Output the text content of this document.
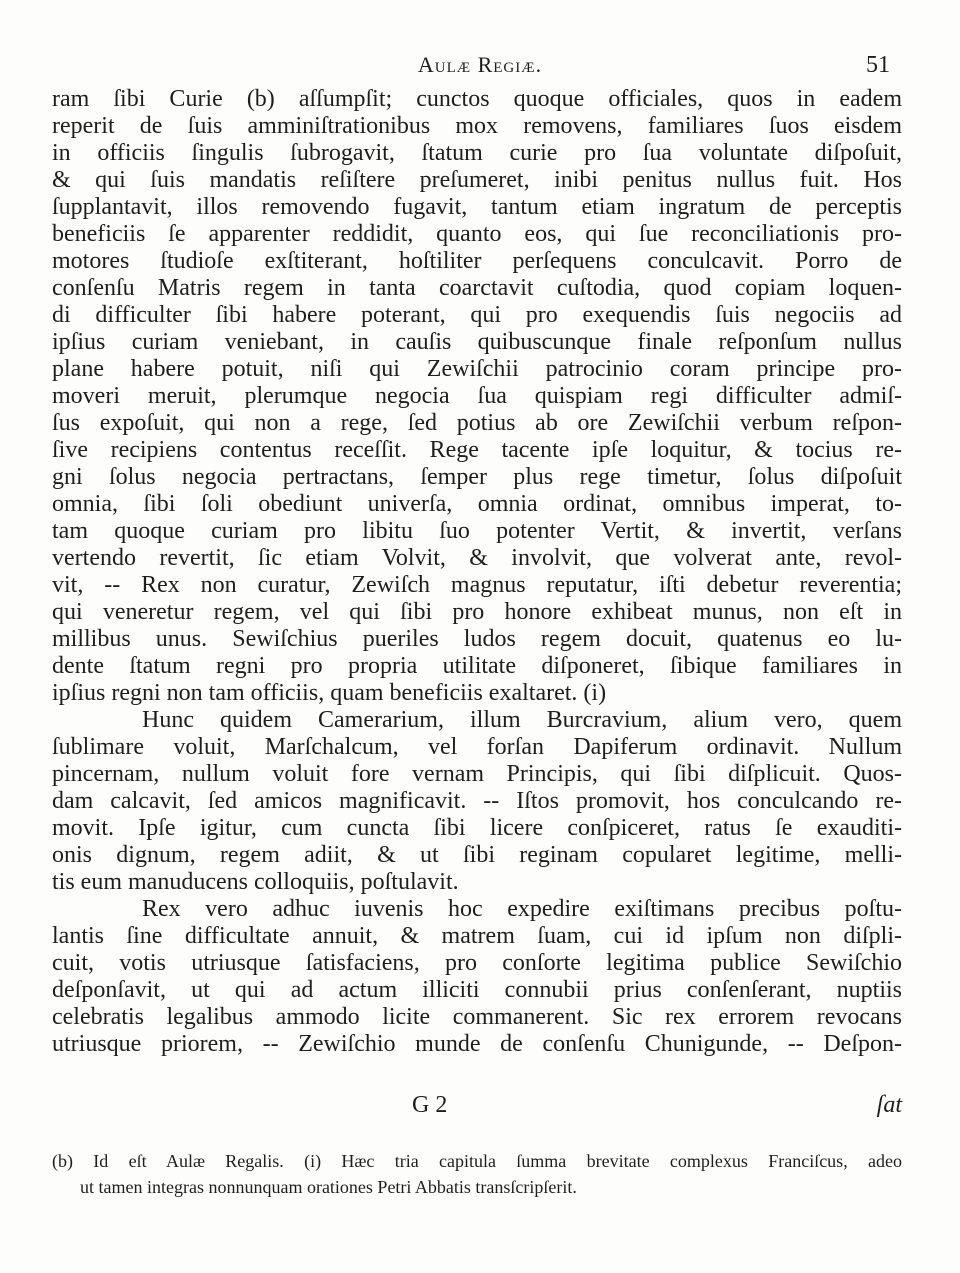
Aulæ Regiæ.	51
ram ſibi Curie (b) aſſumpſit; cunctos quoque officiales, quos in eadem
reperit de ſuis amminiſtrationibus mox removens, familiares ſuos eisdem
in officiis ſingulis ſubrogavit, ſtatum curie pro ſua voluntate diſpoſuit,
& qui ſuis mandatis reſiſtere preſumeret, inibi penitus nullus fuit. Hos
ſupplantavit, illos removendo fugavit, tantum etiam ingratum de perceptis
beneficiis ſe apparenter reddidit, quanto eos, qui ſue reconciliationis pro-
motores ſtudioſe exſtiterant, hoſtiliter perſequens conculcavit. Porro de
conſenſu Matris regem in tanta coarctavit cuſtodia, quod copiam loquen-
di difficulter ſibi habere poterant, qui pro exequendis ſuis negociis ad
ipſius curiam veniebant, in cauſis quibuscunque finale reſponſum nullus
plane habere potuit, niſi qui Zewiſchii patrocinio coram principe pro-
moveri meruit, plerumque negocia ſua quispiam regi difficulter admiſ-
ſus expoſuit, qui non a rege, ſed potius ab ore Zewiſchii verbum reſpon-
ſive recipiens contentus receſſit. Rege tacente ipſe loquitur, & tocius re-
gni ſolus negocia pertractans, ſemper plus rege timetur, ſolus diſpoſuit
omnia, ſibi ſoli obediunt univerſa, omnia ordinat, omnibus imperat, to-
tam quoque curiam pro libitu ſuo potenter Vertit, & invertit, verſans
vertendo revertit, ſic etiam Volvit, & involvit, que volverat ante, revol-
vit, -- Rex non curatur, Zewiſch magnus reputatur, iſti debetur reverentia;
qui veneretur regem, vel qui ſibi pro honore exhibeat munus, non eſt in
millibus unus. Sewiſchius pueriles ludos regem docuit, quatenus eo lu-
dente ſtatum regni pro propria utilitate diſponeret, ſibique familiares in
ipſius regni non tam officiis, quam beneficiis exaltaret. (i)
Hunc quidem Camerarium, illum Burcravium, alium vero, quem
ſublimare voluit, Marſchalcum, vel forſan Dapiferum ordinavit. Nullum
pincernam, nullum voluit fore vernam Principis, qui ſibi diſplicuit. Quos-
dam calcavit, ſed amicos magnificavit. -- Iſtos promovit, hos conculcando re-
movit. Ipſe igitur, cum cuncta ſibi licere conſpiceret, ratus ſe exauditi-
onis dignum, regem adiit, & ut ſibi reginam copularet legitime, melli-
tis eum manuducens colloquiis, poſtulavit.
Rex vero adhuc iuvenis hoc expedire exiſtimans precibus poſtu-
lantis ſine difficultate annuit, & matrem ſuam, cui id ipſum non diſpli-
cuit, votis utriusque ſatisfaciens, pro conſorte legitima publice Sewiſchio
deſponſavit, ut qui ad actum illiciti connubii prius conſenſerant, nuptiis
celebratis legalibus ammodo licite commanerent. Sic rex errorem revocans
utriusque priorem, -- Zewiſchio munde de conſenſu Chunigunde, -- Deſpon-
G 2	ſat
(b) Id eſt Aulæ Regalis. (i) Hæc tria capitula ſumma brevitate complexus Franciſcus, adeo
ut tamen integras nonnunquam orationes Petri Abbatis transſcripſerit.
